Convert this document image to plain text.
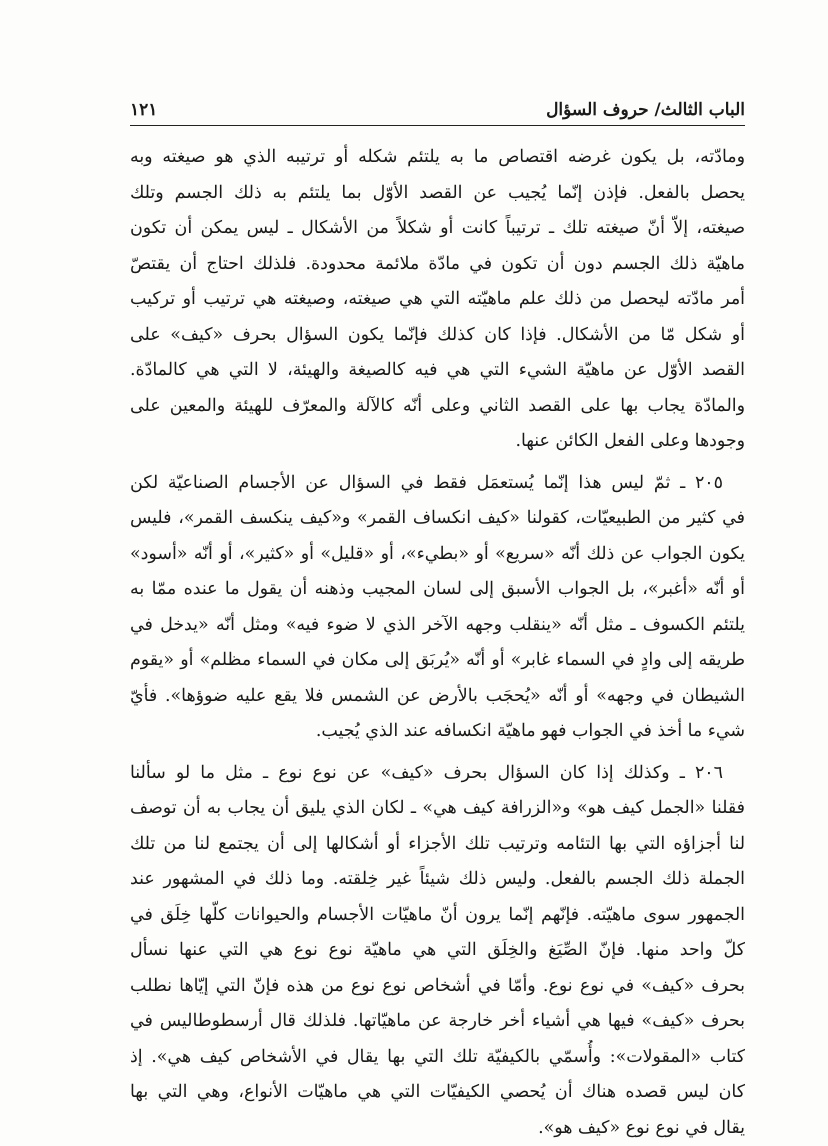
الباب الثالث/ حروف السؤال
١٢١
ومادّته، بل يكون غرضه اقتصاص ما به يلتئم شكله أو ترتيبه الذي هو صيغته وبه
يحصل بالفعل. فإذن إنّما يُجيب عن القصد الأوّل بما يلتئم به ذلك الجسم وتلك
صيغته، إلاّ أنّ صيغته تلك ـ ترتيباً كانت أو شكلاً من الأشكال ـ ليس يمكن أن تكون
ماهيّة ذلك الجسم دون أن تكون في مادّة ملائمة محدودة. فلذلك احتاج أن يقتصّ
أمر مادّته ليحصل من ذلك علم ماهيّته التي هي صيغته، وصيغته هي ترتيب أو تركيب
أو شكل مّا من الأشكال. فإذا كان كذلك فإنّما يكون السؤال بحرف «كيف» على
القصد الأوّل عن ماهيّة الشيء التي هي فيه كالصيغة والهيئة، لا التي هي كالمادّة.
والمادّة يجاب بها على القصد الثاني وعلى أنّه كالآلة والمعرّف للهيئة والمعين على
وجودها وعلى الفعل الكائن عنها.
٢٠٥ ـ ثمّ ليس هذا إنّما يُستعمَل فقط في السؤال عن الأجسام الصناعيّة لكن
في كثير من الطبيعيّات، كقولنا «كيف انكساف القمر» و«كيف ينكسف القمر»، فليس
يكون الجواب عن ذلك أنّه «سريع» أو «بطيء»، أو «قليل» أو «كثير»، أو أنّه «أسود»
أو أنّه «أغبر»، بل الجواب الأسبق إلى لسان المجيب وذهنه أن يقول ما عنده ممّا به
يلتئم الكسوف ـ مثل أنّه «ينقلب وجهه الآخر الذي لا ضوء فيه» ومثل أنّه «يدخل في
طريقه إلى وادٍ في السماء غابر» أو أنّه «يُربَق إلى مكان في السماء مظلم» أو «يقوم
الشيطان في وجهه» أو أنّه «يُحجَب بالأرض عن الشمس فلا يقع عليه ضوؤها». فأيّ
شيء ما أخذ في الجواب فهو ماهيّة انكسافه عند الذي يُجيب.
٢٠٦ ـ وكذلك إذا كان السؤال بحرف «كيف» عن نوع نوع ـ مثل ما لو سألنا
فقلنا «الجمل كيف هو» و«الزرافة كيف هي» ـ لكان الذي يليق أن يجاب به أن توصف
لنا أجزاؤه التي بها التئامه وترتيب تلك الأجزاء أو أشكالها إلى أن يجتمع لنا من تلك
الجملة ذلك الجسم بالفعل. وليس ذلك شيئاً غير خِلقته. وما ذلك في المشهور عند
الجمهور سوى ماهيّته. فإنّهم إنّما يرون أنّ ماهيّات الأجسام والحيوانات كلّها خِلَق في
كلّ واحد منها. فإنّ الصِّيَغ والخِلَق التي هي ماهيّة نوع نوع هي التي عنها نسأل
بحرف «كيف» في نوع نوع. وأمّا في أشخاص نوع نوع من هذه فإنّ التي إيّاها نطلب
بحرف «كيف» فيها هي أشياء أخر خارجة عن ماهيّاتها. فلذلك قال أرسطوطاليس في
كتاب «المقولات»: وأُسمّي بالكيفيّة تلك التي بها يقال في الأشخاص كيف هي». إذ
كان ليس قصده هناك أن يُحصي الكيفيّات التي هي ماهيّات الأنواع، وهي التي بها
يقال في نوع نوع «كيف هو».
